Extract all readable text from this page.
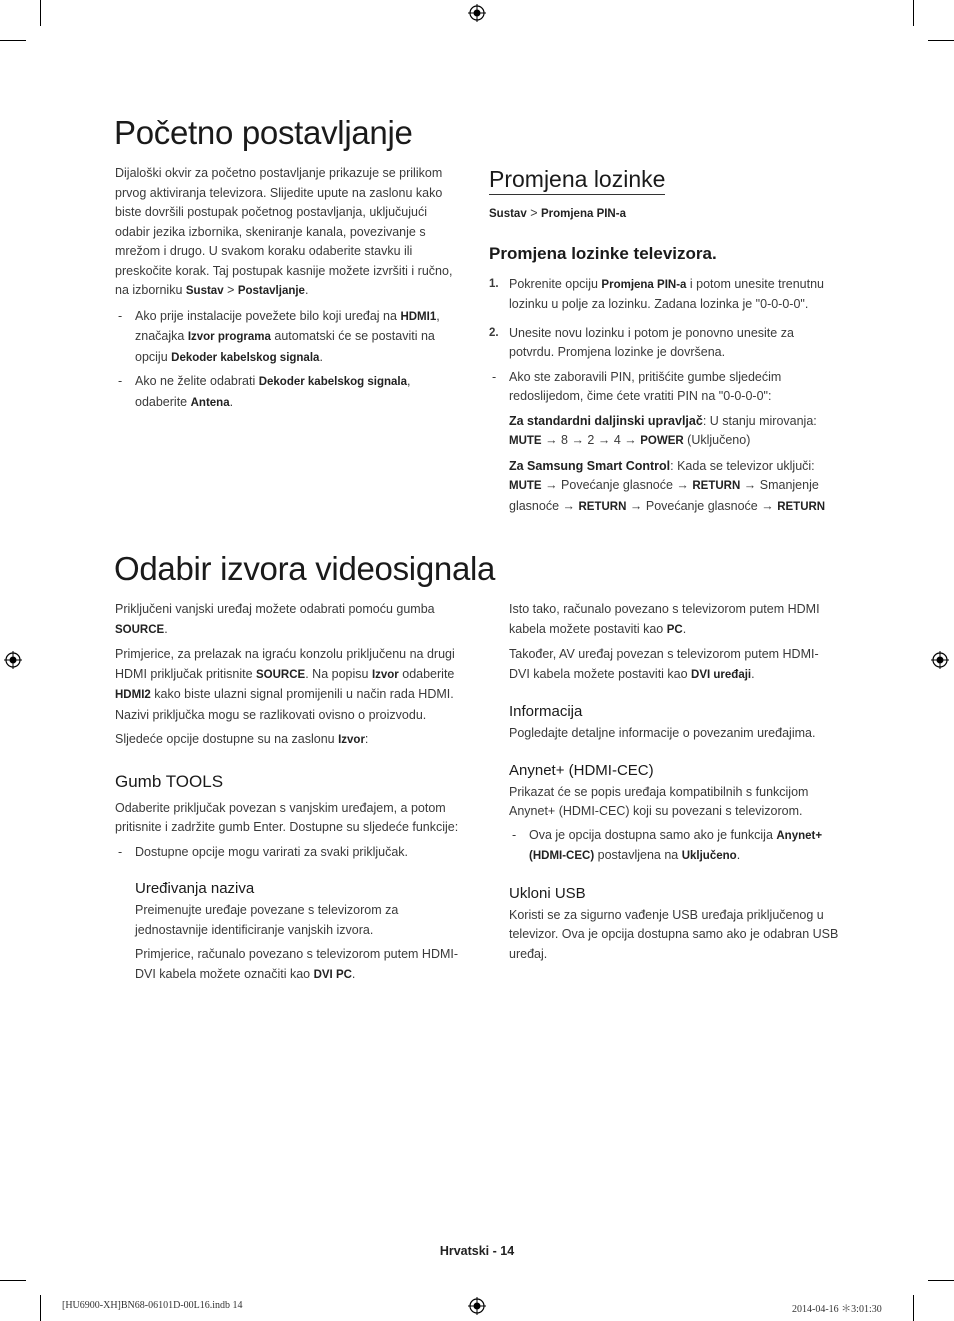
Početno postavljanje

Dijaloški okvir za početno postavljanje prikazuje se prilikom prvog aktiviranja televizora. Slijedite upute na zaslonu kako biste dovršili postupak početnog postavljanja, uključujući odabir jezika izbornika, skeniranje kanala, povezivanje s mrežom i drugo. U svakom koraku odaberite stavku ili preskočite korak. Taj postupak kasnije možete izvršiti i ručno, na izborniku Sustav > Postavljanje.

- Ako prije instalacije povežete bilo koji uređaj na HDMI1, značajka Izvor programa automatski će se postaviti na opciju Dekoder kabelskog signala.

- Ako ne želite odabrati Dekoder kabelskog signala, odaberite Antena.

Promjena lozinke

Sustav > Promjena PIN-a

Promjena lozinke televizora.

1. Pokrenite opciju Promjena PIN-a i potom unesite trenutnu lozinku u polje za lozinku. Zadana lozinka je "0-0-0-0".

2. Unesite novu lozinku i potom je ponovno unesite za potvrdu. Promjena lozinke je dovršena.

- Ako ste zaboravili PIN, pritišćite gumbe sljedećim redoslijedom, čime ćete vratiti PIN na "0-0-0-0":

Za standardni daljinski upravljač: U stanju mirovanja:
MUTE → 8 → 2 → 4 → POWER (Uključeno)

Za Samsung Smart Control: Kada se televizor uključi:
MUTE → Povećanje glasnoće → RETURN → Smanjenje glasnoće → RETURN → Povećanje glasnoće → RETURN

Odabir izvora videosignala

Priključeni vanjski uređaj možete odabrati pomoću gumba SOURCE.

Primjerice, za prelazak na igraću konzolu priključenu na drugi HDMI priključak pritisnite SOURCE. Na popisu Izvor odaberite HDMI2 kako biste ulazni signal promijenili u način rada HDMI. Nazivi priključka mogu se razlikovati ovisno o proizvodu.

Sljedeće opcije dostupne su na zaslonu Izvor:

Gumb TOOLS

Odaberite priključak povezan s vanjskim uređajem, a potom pritisnite i zadržite gumb Enter. Dostupne su sljedeće funkcije:

- Dostupne opcije mogu varirati za svaki priključak.

Uređivanja naziva

Preimenujte uređaje povezane s televizorom za jednostavnije identificiranje vanjskih izvora.

Primjerice, računalo povezano s televizorom putem HDMI-DVI kabela možete označiti kao DVI PC.

Isto tako, računalo povezano s televizorom putem HDMI kabela možete postaviti kao PC.

Također, AV uređaj povezan s televizorom putem HDMI-DVI kabela možete postaviti kao DVI uređaji.

Informacija

Pogledajte detaljne informacije o povezanim uređajima.

Anynet+ (HDMI-CEC)

Prikazat će se popis uređaja kompatibilnih s funkcijom Anynet+ (HDMI-CEC) koji su povezani s televizorom.

- Ova je opcija dostupna samo ako je funkcija Anynet+ (HDMI-CEC) postavljena na Uključeno.

Ukloni USB

Koristi se za sigurno vađenje USB uređaja priključenog u televizor. Ova je opcija dostupna samo ako je odabran USB uređaj.

Hrvatski - 14
[HU6900-XH]BN68-06101D-00L16.indb 14	2014-04-16 ＊3:01:30
